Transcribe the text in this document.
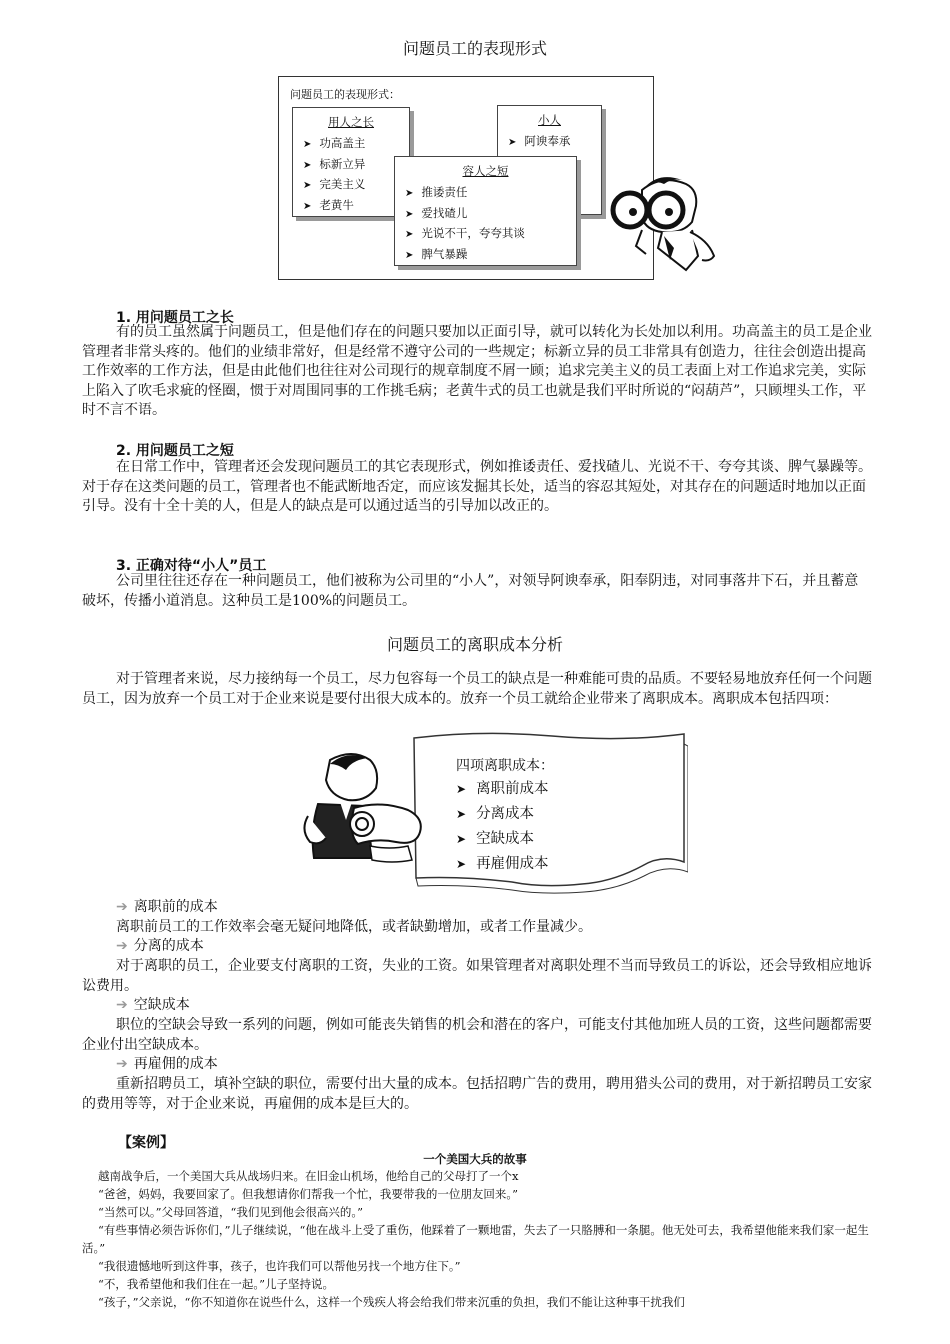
问题员工的表现形式
问题员工的表现形式：
用人之长
➤ 功高盖主
➤ 标新立异
➤ 完美主义
➤ 老黄牛
小人
➤ 阿谀奉承
➤
➤
➤
容人之短
➤ 推诿责任
➤ 爱找碴儿
➤ 光说不干，夸夸其谈
➤ 脾气暴躁
1. 用问题员工之长
有的员工虽然属于问题员工，但是他们存在的问题只要加以正面引导，就可以转化为长处加以利用。功高盖主的员工是企业管理者非常头疼的。他们的业绩非常好，但是经常不遵守公司的一些规定；标新立异的员工非常具有创造力，往往会创造出提高工作效率的工作方法，但是由此他们也往往对公司现行的规章制度不屑一顾；追求完美主义的员工表面上对工作追求完美，实际上陷入了吹毛求疵的怪圈，惯于对周围同事的工作挑毛病；老黄牛式的员工也就是我们平时所说的“闷葫芦”，只顾埋头工作，平时不言不语。
2. 用问题员工之短
在日常工作中，管理者还会发现问题员工的其它表现形式，例如推诿责任、爱找碴儿、光说不干、夸夸其谈、脾气暴躁等。对于存在这类问题的员工，管理者也不能武断地否定，而应该发掘其长处，适当的容忍其短处，对其存在的问题适时地加以正面引导。没有十全十美的人，但是人的缺点是可以通过适当的引导加以改正的。
3. 正确对待“小人”员工
公司里往往还存在一种问题员工，他们被称为公司里的“小人”，对领导阿谀奉承，阳奉阴违，对同事落井下石，并且蓄意破坏，传播小道消息。这种员工是100%的问题员工。
问题员工的离职成本分析
对于管理者来说，尽力接纳每一个员工，尽力包容每一个员工的缺点是一种难能可贵的品质。不要轻易地放弃任何一个问题员工，因为放弃一个员工对于企业来说是要付出很大成本的。放弃一个员工就给企业带来了离职成本。离职成本包括四项：
四项离职成本：
➤ 离职前成本
➤ 分离成本
➤ 空缺成本
➤ 再雇佣成本
➔ 离职前的成本
离职前员工的工作效率会毫无疑问地降低，或者缺勤增加，或者工作量减少。
➔ 分离的成本
对于离职的员工，企业要支付离职的工资，失业的工资。如果管理者对离职处理不当而导致员工的诉讼，还会导致相应地诉讼费用。
➔ 空缺成本
职位的空缺会导致一系列的问题，例如可能丧失销售的机会和潜在的客户，可能支付其他加班人员的工资，这些问题都需要企业付出空缺成本。
➔ 再雇佣的成本
重新招聘员工，填补空缺的职位，需要付出大量的成本。包括招聘广告的费用，聘用猎头公司的费用，对于新招聘员工安家的费用等等，对于企业来说，再雇佣的成本是巨大的。
【案例】
一个美国大兵的故事
越南战争后，一个美国大兵从战场归来。在旧金山机场，他给自己的父母打了一个x
“爸爸，妈妈，我要回家了。但我想请你们帮我一个忙，我要带我的一位朋友回来。”
“当然可以。”父母回答道，“我们见到他会很高兴的。”
“有些事情必须告诉你们，”儿子继续说，“他在战斗上受了重伤，他踩着了一颗地雷，失去了一只胳膊和一条腿。他无处可去，我希望他能来我们家一起生活。”
“我很遗憾地听到这件事，孩子，也许我们可以帮他另找一个地方住下。”
“不，我希望他和我们住在一起。”儿子坚持说。
“孩子，”父亲说，“你不知道你在说些什么，这样一个残疾人将会给我们带来沉重的负担，我们不能让这种事干扰我们
